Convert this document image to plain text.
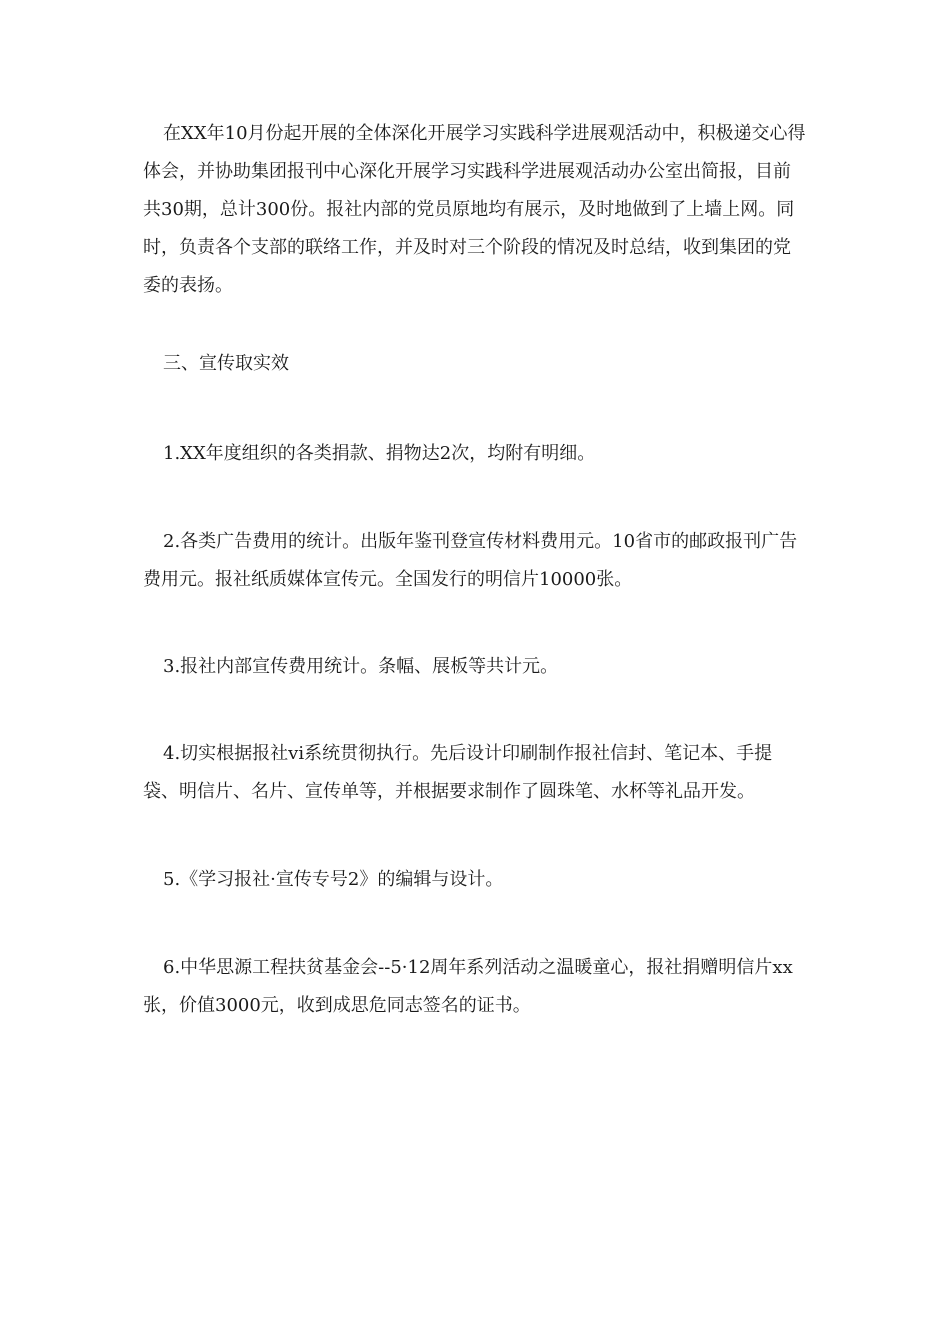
在XX年10月份起开展的全体深化开展学习实践科学进展观活动中，积极递交心得体会，并协助集团报刊中心深化开展学习实践科学进展观活动办公室出简报，目前共30期，总计300份。报社内部的党员原地均有展示，及时地做到了上墙上网。同时，负责各个支部的联络工作，并及时对三个阶段的情况及时总结，收到集团的党委的表扬。

三、宣传取实效

1.XX年度组织的各类捐款、捐物达2次，均附有明细。

2.各类广告费用的统计。出版年鉴刊登宣传材料费用元。10省市的邮政报刊广告费用元。报社纸质媒体宣传元。全国发行的明信片10000张。

3.报社内部宣传费用统计。条幅、展板等共计元。

4.切实根据报社vi系统贯彻执行。先后设计印刷制作报社信封、笔记本、手提袋、明信片、名片、宣传单等，并根据要求制作了圆珠笔、水杯等礼品开发。

5.《学习报社·宣传专号2》的编辑与设计。

6.中华思源工程扶贫基金会--5·12周年系列活动之温暖童心，报社捐赠明信片xx张，价值3000元，收到成思危同志签名的证书。
